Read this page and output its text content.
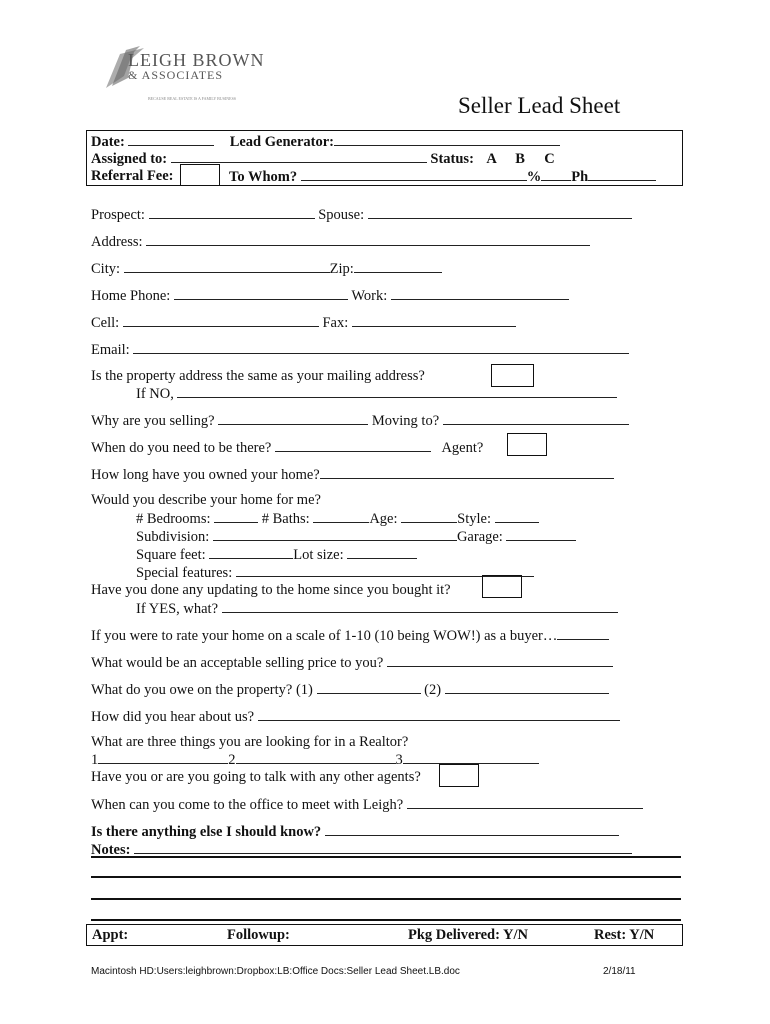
LEIGH BROWN
& ASSOCIATES
BECAUSE REAL ESTATE IS A FAMILY BUSINESS	Seller Lead Sheet
Date:	Lead Generator:
Assigned to:	Status: A B C
Referral Fee:	To Whom?	% Ph
Prospect:	Spouse:
Address:
City:	Zip:
Home Phone:	Work:
Cell:	Fax:
Email:
Is the property address the same as your mailing address?
If NO,
Why are you selling?	Moving to?
When do you need to be there?	Agent?
How long have you owned your home?
Would you describe your home for me?
# Bedrooms:	# Baths:	Age:	Style:
Subdivision:	Garage:
Square feet:	Lot size:
Special features:
Have you done any updating to the home since you bought it?
If YES, what?
If you were to rate your home on a scale of 1-10 (10 being WOW!) as a buyer…
What would be an acceptable selling price to you?
What do you owe on the property? (1)	(2)
How did you hear about us?
What are three things you are looking for in a Realtor?
1	2	3
Have you or are you going to talk with any other agents?
When can you come to the office to meet with Leigh?
Is there anything else I should know?
Notes:
Appt:	Followup:	Pkg Delivered: Y/N	Rest: Y/N
Macintosh HD:Users:leighbrown:Dropbox:LB:Office Docs:Seller Lead Sheet.LB.doc	2/18/11
